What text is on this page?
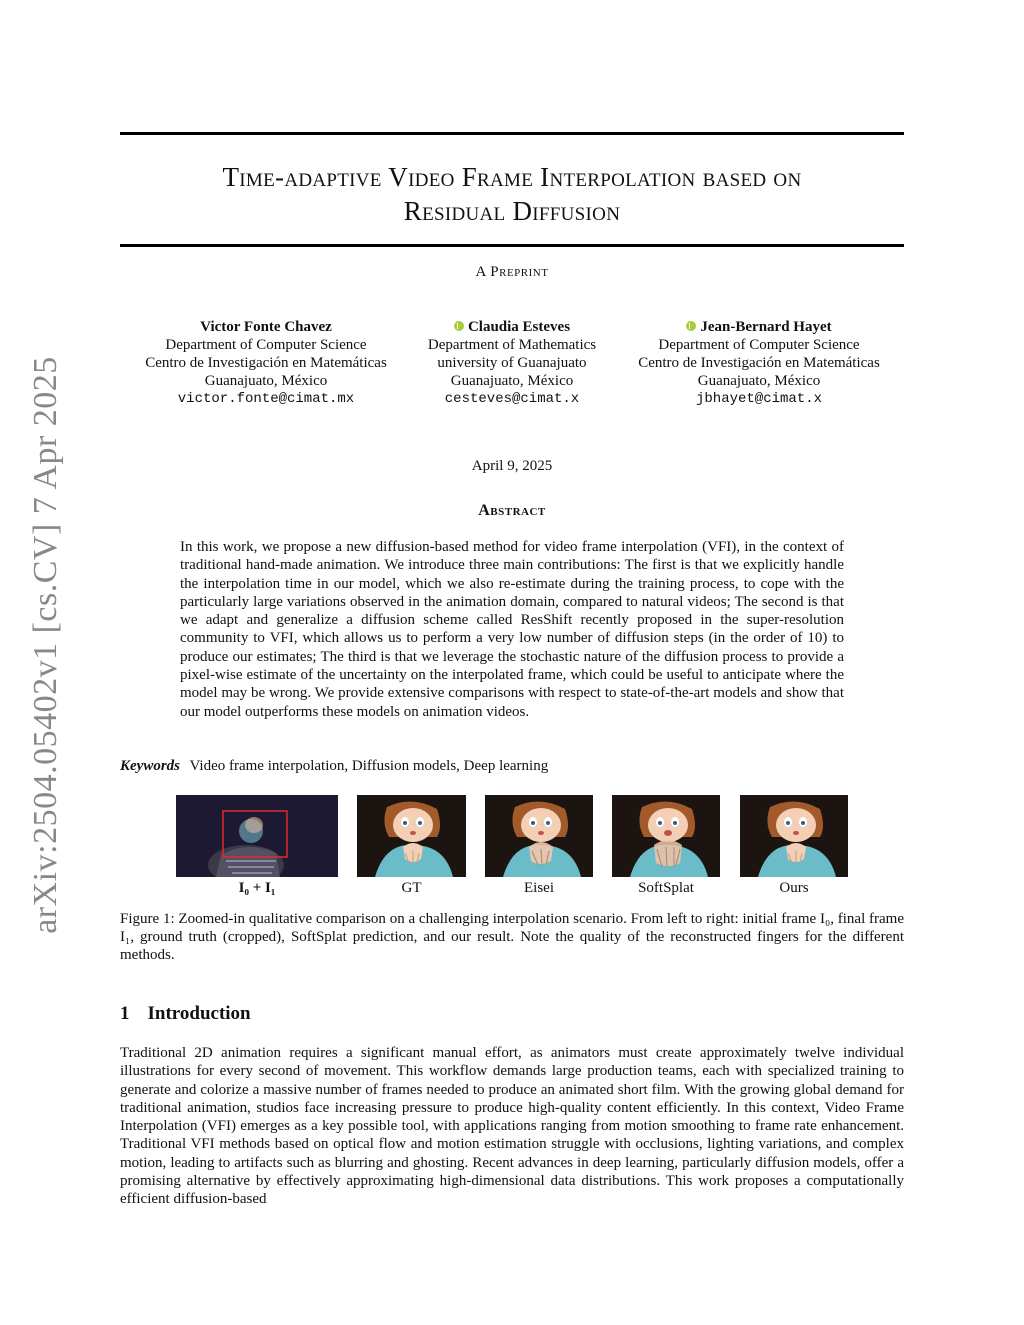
arXiv:2504.05402v1 [cs.CV] 7 Apr 2025
Time-adaptive Video Frame Interpolation based on
Residual Diffusion
A Preprint
Victor Fonte Chavez
Department of Computer Science
Centro de Investigación en Matemáticas
Guanajuato, México
victor.fonte@cimat.mx
Claudia Esteves
Department of Mathematics
university of Guanajuato
Guanajuato, México
cesteves@cimat.x
Jean-Bernard Hayet
Department of Computer Science
Centro de Investigación en Matemáticas
Guanajuato, México
jbhayet@cimat.x
April 9, 2025
Abstract
In this work, we propose a new diffusion-based method for video frame interpolation (VFI), in the context of traditional hand-made animation. We introduce three main contributions: The first is that we explicitly handle the interpolation time in our model, which we also re-estimate during the training process, to cope with the particularly large variations observed in the animation domain, compared to natural videos; The second is that we adapt and generalize a diffusion scheme called ResShift recently proposed in the super-resolution community to VFI, which allows us to perform a very low number of diffusion steps (in the order of 10) to produce our estimates; The third is that we leverage the stochastic nature of the diffusion process to provide a pixel-wise estimate of the uncertainty on the interpolated frame, which could be useful to anticipate where the model may be wrong. We provide extensive comparisons with respect to state-of-the-art models and show that our model outperforms these models on animation videos.
Keywords Video frame interpolation, Diffusion models, Deep learning
I₀ + I₁	GT	Eisei	SoftSplat	Ours
Figure 1: Zoomed-in qualitative comparison on a challenging interpolation scenario. From left to right: initial frame I₀, final frame I₁, ground truth (cropped), SoftSplat prediction, and our result. Note the quality of the reconstructed fingers for the different methods.
1 Introduction
Traditional 2D animation requires a significant manual effort, as animators must create approximately twelve individual illustrations for every second of movement. This workflow demands large production teams, each with specialized training to generate and colorize a massive number of frames needed to produce an animated short film. With the growing global demand for traditional animation, studios face increasing pressure to produce high-quality content efficiently. In this context, Video Frame Interpolation (VFI) emerges as a key possible tool, with applications ranging from motion smoothing to frame rate enhancement. Traditional VFI methods based on optical flow and motion estimation struggle with occlusions, lighting variations, and complex motion, leading to artifacts such as blurring and ghosting. Recent advances in deep learning, particularly diffusion models, offer a promising alternative by effectively approximating high-dimensional data distributions. This work proposes a computationally efficient diffusion-based
